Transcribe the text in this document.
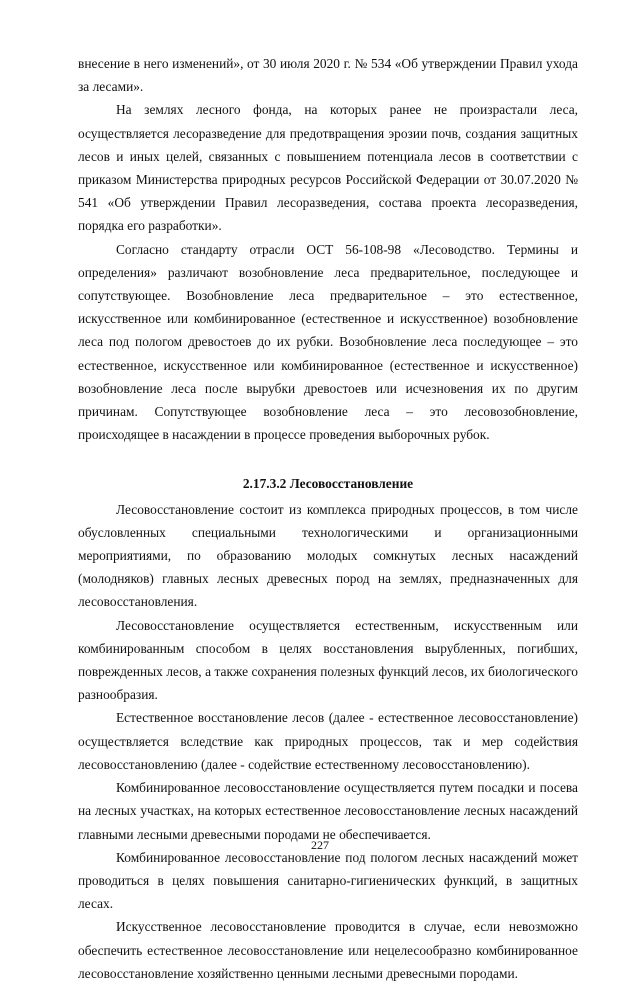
внесение в него изменений», от 30 июля 2020 г. № 534 «Об утверждении Правил ухода за лесами».

На землях лесного фонда, на которых ранее не произрастали леса, осуществляется лесоразведение для предотвращения эрозии почв, создания защитных лесов и иных целей, связанных с повышением потенциала лесов в соответствии с приказом Министерства природных ресурсов Российской Федерации от 30.07.2020 № 541 «Об утверждении Правил лесоразведения, состава проекта лесоразведения, порядка его разработки».

Согласно стандарту отрасли ОСТ 56-108-98 «Лесоводство. Термины и определения» различают возобновление леса предварительное, последующее и сопутствующее. Возобновление леса предварительное – это естественное, искусственное или комбинированное (естественное и искусственное) возобновление леса под пологом древостоев до их рубки. Возобновление леса последующее – это естественное, искусственное или комбинированное (естественное и искусственное) возобновление леса после вырубки древостоев или исчезновения их по другим причинам. Сопутствующее возобновление леса – это лесовозобновление, происходящее в насаждении в процессе проведения выборочных рубок.

2.17.3.2 Лесовосстановление

Лесовосстановление состоит из комплекса природных процессов, в том числе обусловленных специальными технологическими и организационными мероприятиями, по образованию молодых сомкнутых лесных насаждений (молодняков) главных лесных древесных пород на землях, предназначенных для лесовосстановления.

Лесовосстановление осуществляется естественным, искусственным или комбинированным способом в целях восстановления вырубленных, погибших, поврежденных лесов, а также сохранения полезных функций лесов, их биологического разнообразия.

Естественное восстановление лесов (далее - естественное лесовосстановление) осуществляется вследствие как природных процессов, так и мер содействия лесовосстановлению (далее - содействие естественному лесовосстановлению).

Комбинированное лесовосстановление осуществляется путем посадки и посева на лесных участках, на которых естественное лесовосстановление лесных насаждений главными лесными древесными породами не обеспечивается.

Комбинированное лесовосстановление под пологом лесных насаждений может проводиться в целях повышения санитарно-гигиенических функций, в защитных лесах.

Искусственное лесовосстановление проводится в случае, если невозможно обеспечить естественное лесовосстановление или нецелесообразно комбинированное лесовосстановление хозяйственно ценными лесными древесными породами.

227
